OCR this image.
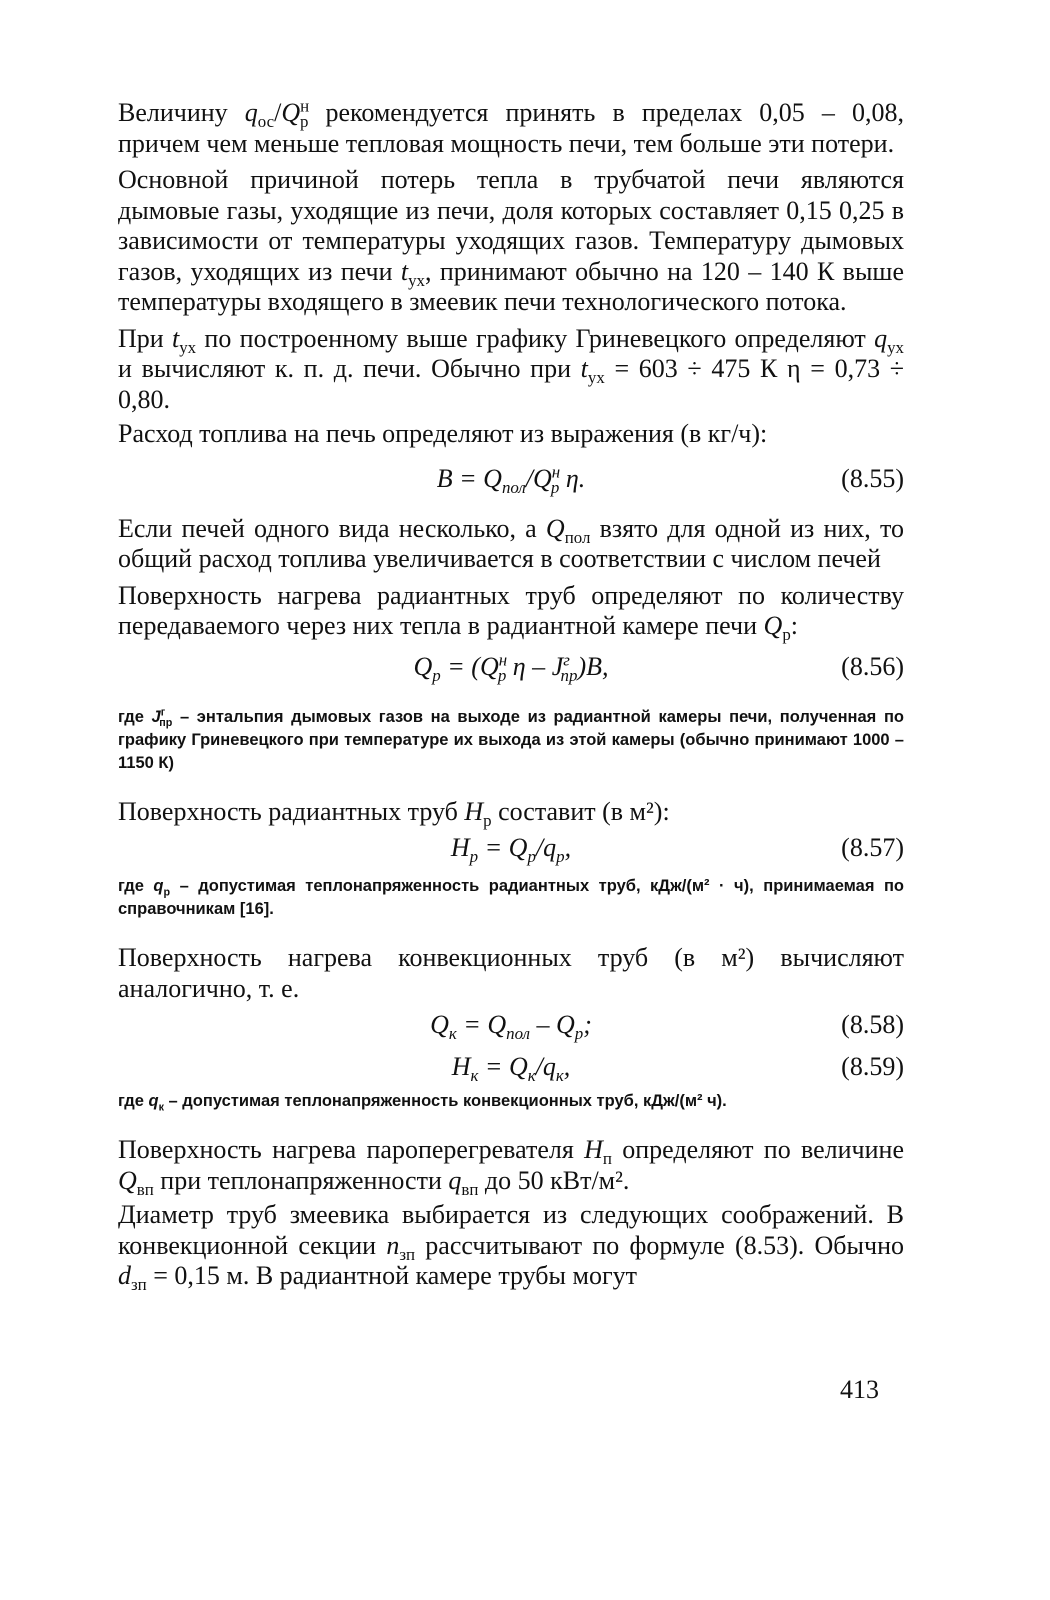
Величину $q_{ос}/Q^н_р$ рекомендуется принять в пределах 0,05 – 0,08, причем чем меньше тепловая мощность печи, тем больше эти потери.

Основной причиной потерь тепла в трубчатой печи являются дымовые газы, уходящие из печи, доля которых составляет 0,15 0,25 в зависимости от температуры уходящих газов. Температуру дымовых газов, уходящих из печи $t_{ух}$, принимают обычно на 120 – 140 К выше температуры входящего в змеевик печи технологического потока.

При $t_{ух}$ по построенному выше графику Гриневецкого определяют $q_{ух}$ и вычисляют к. п. д. печи. Обычно при $t_{ух} = 603 \div 475$ К η = 0,73 ÷ 0,80.

Расход топлива на печь определяют из выражения (в кг/ч):

$B = Q_{пол}/Q^н_р$ η.	(8.55)

Если печей одного вида несколько, а $Q_{пол}$ взято для одной из них, то общий расход топлива увеличивается в соответствии с числом печей

Поверхность нагрева радиантных труб определяют по количеству передаваемого через них тепла в радиантной камере печи $Q_р$:

$Q_р = (Q^н_р$ η – $J^г_{пр})B$,	(8.56)

где $J^г_{пр}$ – энтальпия дымовых газов на выходе из радиантной камеры печи, полученная по графику Гриневецкого при температуре их выхода из этой камеры (обычно принимают 1000 – 1150 К)

Поверхность радиантных труб $H_р$ составит (в м²):

$H_р = Q_р/q_р$,	(8.57)

где $q_р$ – допустимая теплонапряженность радиантных труб, кДж/(м² · ч), принимаемая по справочникам [16].

Поверхность нагрева конвекционных труб (в м²) вычисляют аналогично, т. е.

$Q_к = Q_{пол} - Q_р$;	(8.58)
$H_к = Q_к/q_к$,	(8.59)

где $q_к$ – допустимая теплонапряженность конвекционных труб, кДж/(м² ч).

Поверхность нагрева пароперегревателя $H_п$ определяют по величине $Q_{вп}$ при теплонапряженности $q_{вп}$ до 50 кВт/м².

Диаметр труб змеевика выбирается из следующих соображений. В конвекционной секции $n_{зп}$ рассчитывают по формуле (8.53). Обычно $d_{зп} = 0,15$ м. В радиантной камере трубы могут

413
